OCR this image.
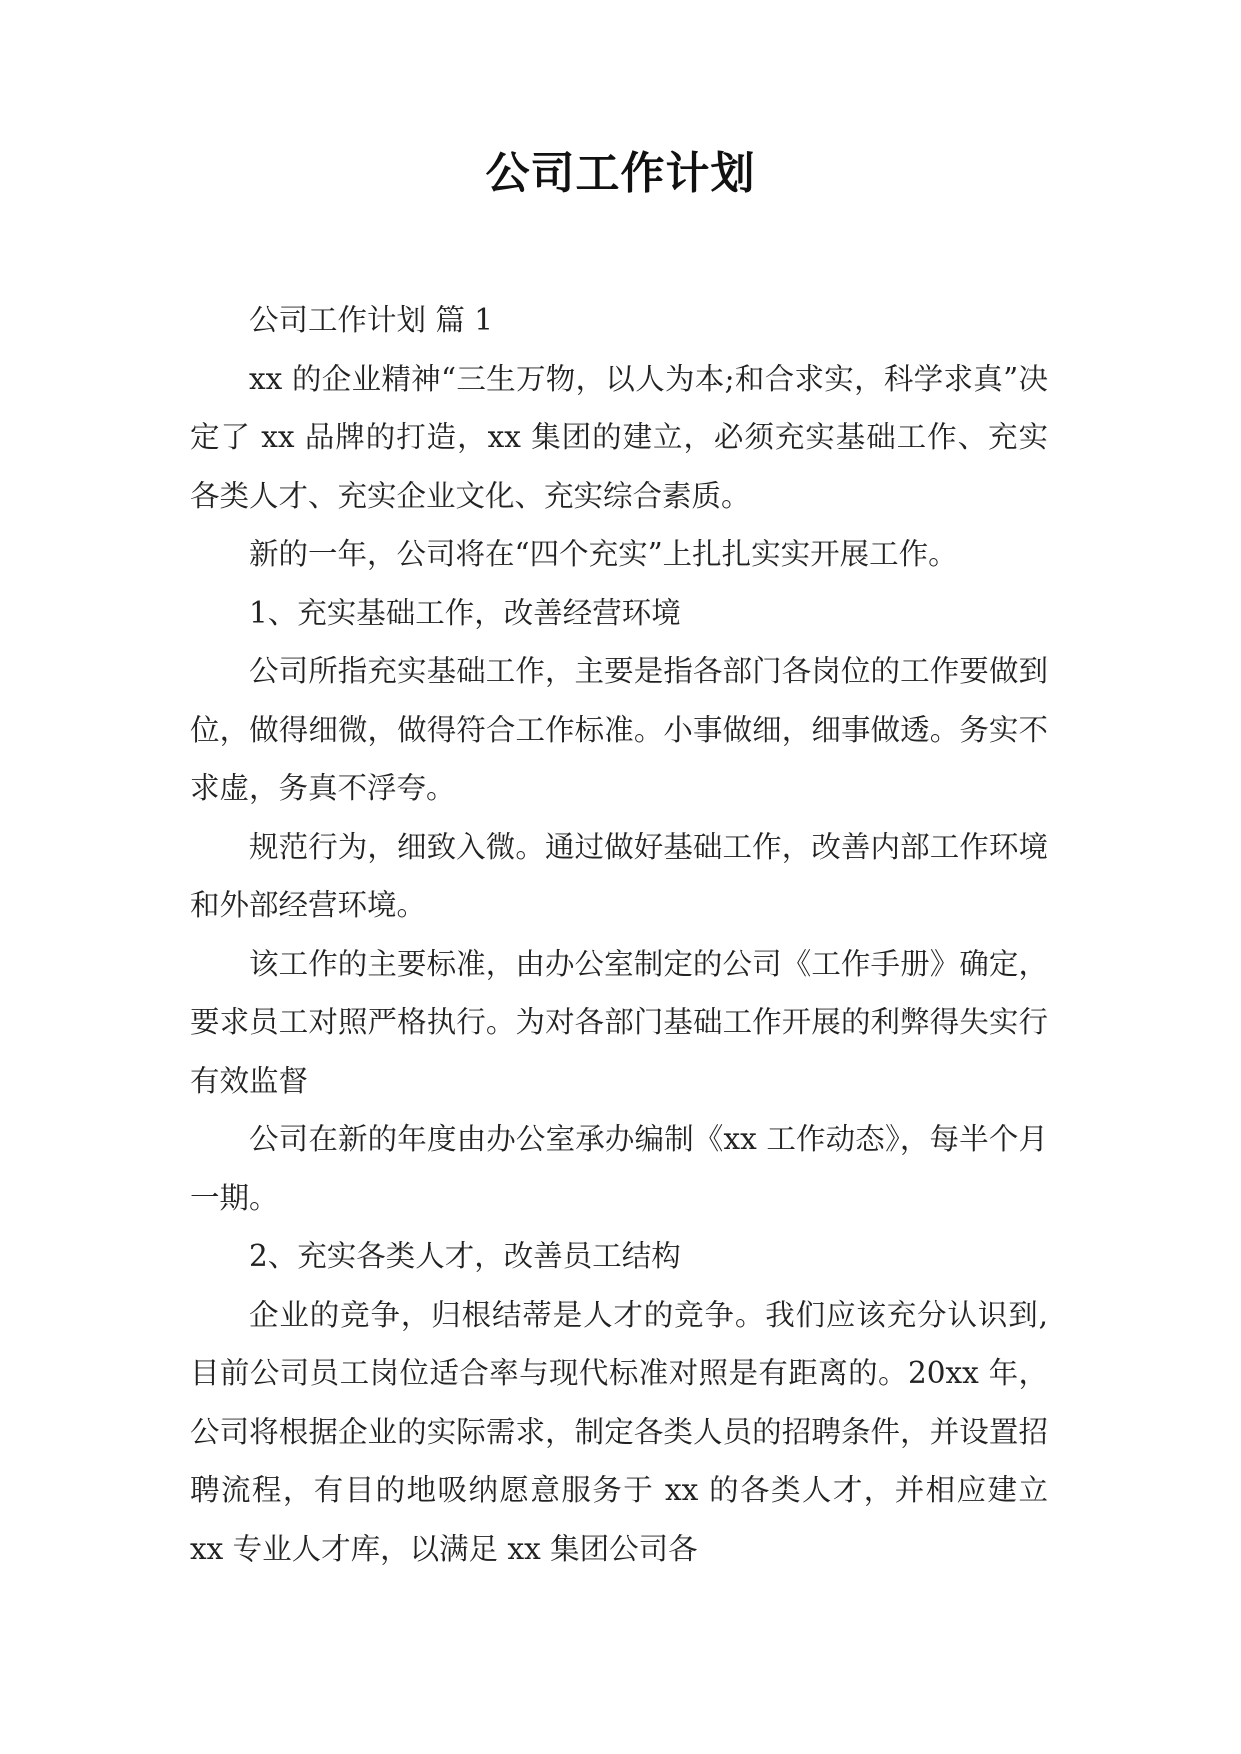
公司工作计划

公司工作计划 篇 1

xx 的企业精神“三生万物，以人为本;和合求实，科学求真”决定了 xx 品牌的打造，xx 集团的建立，必须充实基础工作、充实各类人才、充实企业文化、充实综合素质。

新的一年，公司将在“四个充实”上扎扎实实开展工作。

1、充实基础工作，改善经营环境

公司所指充实基础工作，主要是指各部门各岗位的工作要做到位，做得细微，做得符合工作标准。小事做细，细事做透。务实不求虚，务真不浮夸。

规范行为，细致入微。通过做好基础工作，改善内部工作环境和外部经营环境。

该工作的主要标准，由办公室制定的公司《工作手册》确定，要求员工对照严格执行。为对各部门基础工作开展的利弊得失实行有效监督

公司在新的年度由办公室承办编制《xx 工作动态》，每半个月一期。

2、充实各类人才，改善员工结构

企业的竞争，归根结蒂是人才的竞争。我们应该充分认识到,目前公司员工岗位适合率与现代标准对照是有距离的。20xx 年，公司将根据企业的实际需求，制定各类人员的招聘条件，并设置招聘流程，有目的地吸纳愿意服务于 xx 的各类人才，并相应建立 xx 专业人才库，以满足 xx 集团公司各
